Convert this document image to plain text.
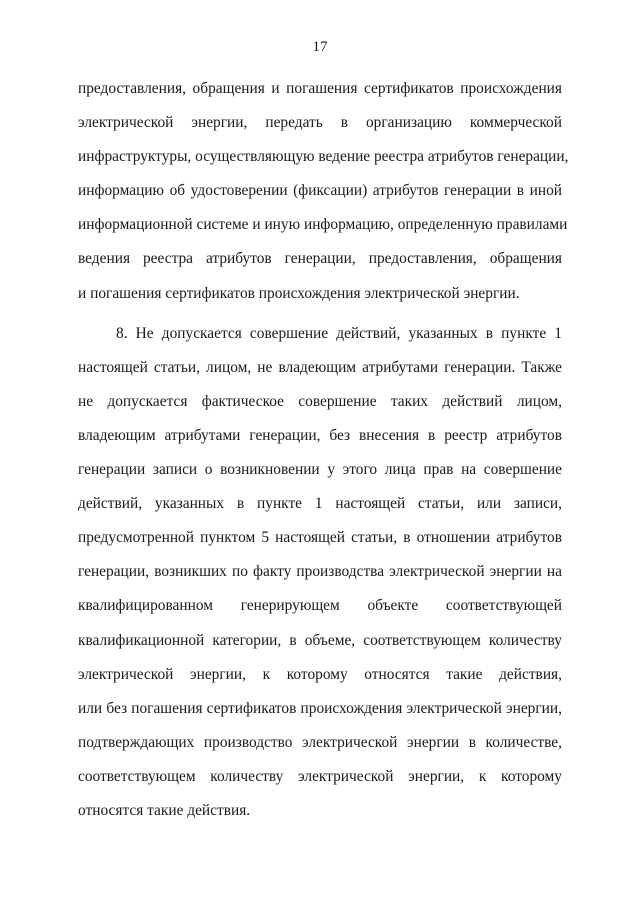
17
предоставления, обращения и погашения сертификатов происхождения
электрической энергии, передать в организацию коммерческой
инфраструктуры, осуществляющую ведение реестра атрибутов генерации,
информацию об удостоверении (фиксации) атрибутов генерации в иной
информационной системе и иную информацию, определенную правилами
ведения реестра атрибутов генерации, предоставления, обращения
и погашения сертификатов происхождения электрической энергии.
8. Не допускается совершение действий, указанных в пункте 1
настоящей статьи, лицом, не владеющим атрибутами генерации. Также
не допускается фактическое совершение таких действий лицом,
владеющим атрибутами генерации, без внесения в реестр атрибутов
генерации записи о возникновении у этого лица прав на совершение
действий, указанных в пункте 1 настоящей статьи, или записи,
предусмотренной пунктом 5 настоящей статьи, в отношении атрибутов
генерации, возникших по факту производства электрической энергии на
квалифицированном генерирующем объекте соответствующей
квалификационной категории, в объеме, соответствующем количеству
электрической энергии, к которому относятся такие действия,
или без погашения сертификатов происхождения электрической энергии,
подтверждающих производство электрической энергии в количестве,
соответствующем количеству электрической энергии, к которому
относятся такие действия.
